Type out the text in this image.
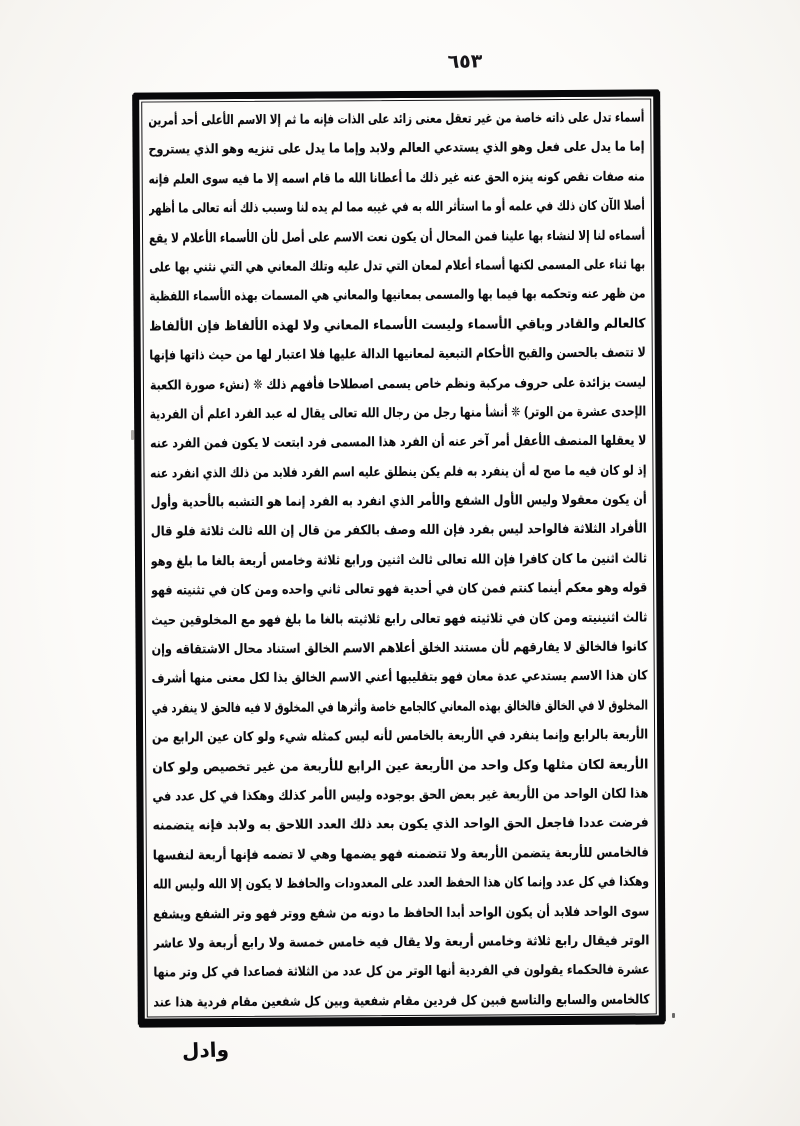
٦٥٣
أسماء تدل على ذاته خاصة من غير تعقل معنى زائد على الذات فإنه ما ثم إلا الاسم الأعلى أحد أمرين
إما ما يدل على فعل وهو الذي يستدعي العالم ولابد وإما ما يدل على تنزيه وهو الذي يستروح
منه صفات نقص كونه ينزه الحق عنه غير ذلك ما أعطانا الله ما قام اسمه إلا ما فيه سوى العلم فإنه
أصلا الآن كان ذلك في علمه أو ما استأثر الله به في غيبه مما لم يده لنا وسبب ذلك أنه تعالى ما أظهر
أسماءه لنا إلا لنشاء بها علينا فمن المحال أن يكون نعت الاسم على أصل لأن الأسماء الأعلام لا يقع
بها ثناء على المسمى لكنها أسماء أعلام لمعان التي تدل عليه وتلك المعاني هي التي نثني بها على
من ظهر عنه وتحكمه بها فيما بها والمسمى بمعانيها والمعاني هي المسمات بهذه الأسماء اللفظية
كالعالم والقادر وباقي الأسماء وليست الأسماء المعاني ولا لهذه الألفاظ فإن الألفاظ
لا تتصف بالحسن والقبح الأحكام التبعية لمعانيها الدالة عليها فلا اعتبار لها من حيث ذاتها فإنها
ليست بزائدة على حروف مركبة ونظم خاص يسمى اصطلاحا فأفهم ذلك ❊ (نشء صورة الكعبة
الإحدى عشرة من الوتر) ❊ أنشأ منها رجل من رجال الله تعالى يقال له عبد الفرد اعلم أن الفردية
لا يعقلها المنصف الأعقل أمر آخر عنه أن الفرد هذا المسمى فرد ابتعت لا يكون فمن الفرد عنه
إذ لو كان فيه ما صح له أن ينفرد به فلم يكن ينطلق عليه اسم الفرد فلابد من ذلك الذي انفرد عنه
أن يكون معقولا وليس الأول الشفع والأمر الذي انفرد به الفرد إنما هو التشبه بالأحدية وأول
الأفراد الثلاثة فالواحد ليس بفرد فإن الله وصف بالكفر من قال إن الله ثالث ثلاثة فلو قال
ثالث اثنين ما كان كافرا فإن الله تعالى ثالث اثنين ورابع ثلاثة وخامس أربعة بالغا ما بلغ وهو
قوله وهو معكم أينما كنتم فمن كان في أحدية فهو تعالى ثاني واحده ومن كان في تثنيته فهو
ثالث اثنينيته ومن كان في ثلاثيته فهو تعالى رابع ثلاثيته بالغا ما بلغ فهو مع المخلوقين حيث
كانوا فالخالق لا يفارقهم لأن مستند الخلق أعلاهم الاسم الخالق استناد محال الاشتقاقه وإن
كان هذا الاسم يستدعي عدة معان فهو بتقليبها أعني الاسم الخالق بذا لكل معنى منها أشرف
المخلوق لا في الخالق فالخالق بهذه المعاني كالجامع خاصة وأثرها في المخلوق لا فيه فالحق لا ينفرد في
الأربعة بالرابع وإنما ينفرد في الأربعة بالخامس لأنه ليس كمثله شيء ولو كان عين الرابع من
الأربعة لكان مثلها وكل واحد من الأربعة عين الرابع للأربعة من غير تخصيص ولو كان
هذا لكان الواحد من الأربعة غير بعض الحق بوجوده وليس الأمر كذلك وهكذا في كل عدد في
فرضت عددا فاجعل الحق الواحد الذي يكون بعد ذلك العدد اللاحق به ولابد فإنه يتضمنه
فالخامس للأربعة يتضمن الأربعة ولا تتضمنه فهو يضمها وهي لا تضمه فإنها أربعة لنفسها
وهكذا في كل عدد وإنما كان هذا الحفظ العدد على المعدودات والحافظ لا يكون إلا الله وليس الله
سوى الواحد فلابد أن يكون الواحد أبدا الحافظ ما دونه من شفع ووتر فهو وتر الشفع ويشفع
الوتر فيقال رابع ثلاثة وخامس أربعة ولا يقال فيه خامس خمسة ولا رابع أربعة ولا عاشر
عشرة فالحكماء يقولون في الفردية أنها الوتر من كل عدد من الثلاثة فصاعدا في كل وتر منها
كالخامس والسابع والتاسع فبين كل فردين مقام شفعية وبين كل شفعين مقام فردية هذا عند
وادل
